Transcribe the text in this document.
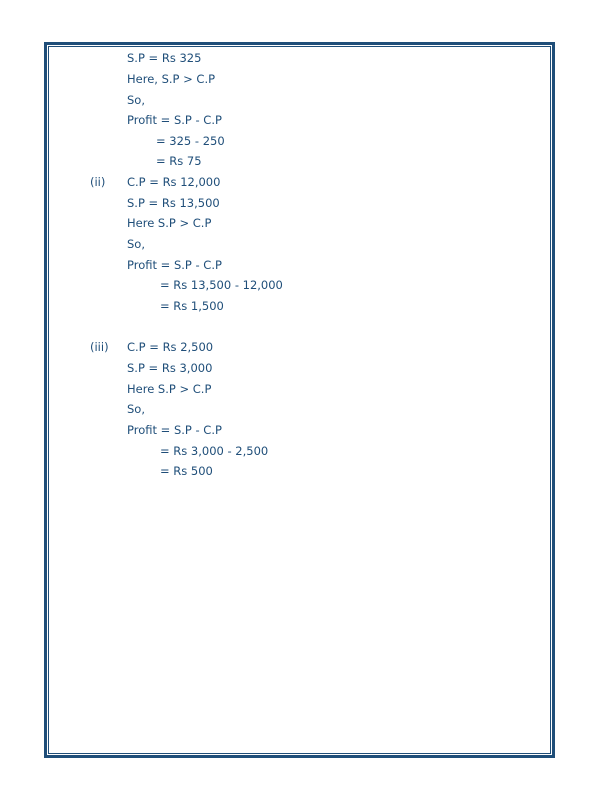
S.P = Rs 325
Here, S.P > C.P
So,
Profit = S.P - C.P
= 325 - 250
= Rs 75
(ii) C.P = Rs 12,000
S.P = Rs 13,500
Here S.P > C.P
So,
Profit = S.P - C.P
= Rs 13,500 - 12,000
= Rs 1,500
(iii) C.P = Rs 2,500
S.P = Rs 3,000
Here S.P > C.P
So,
Profit = S.P - C.P
= Rs 3,000 - 2,500
= Rs 500
